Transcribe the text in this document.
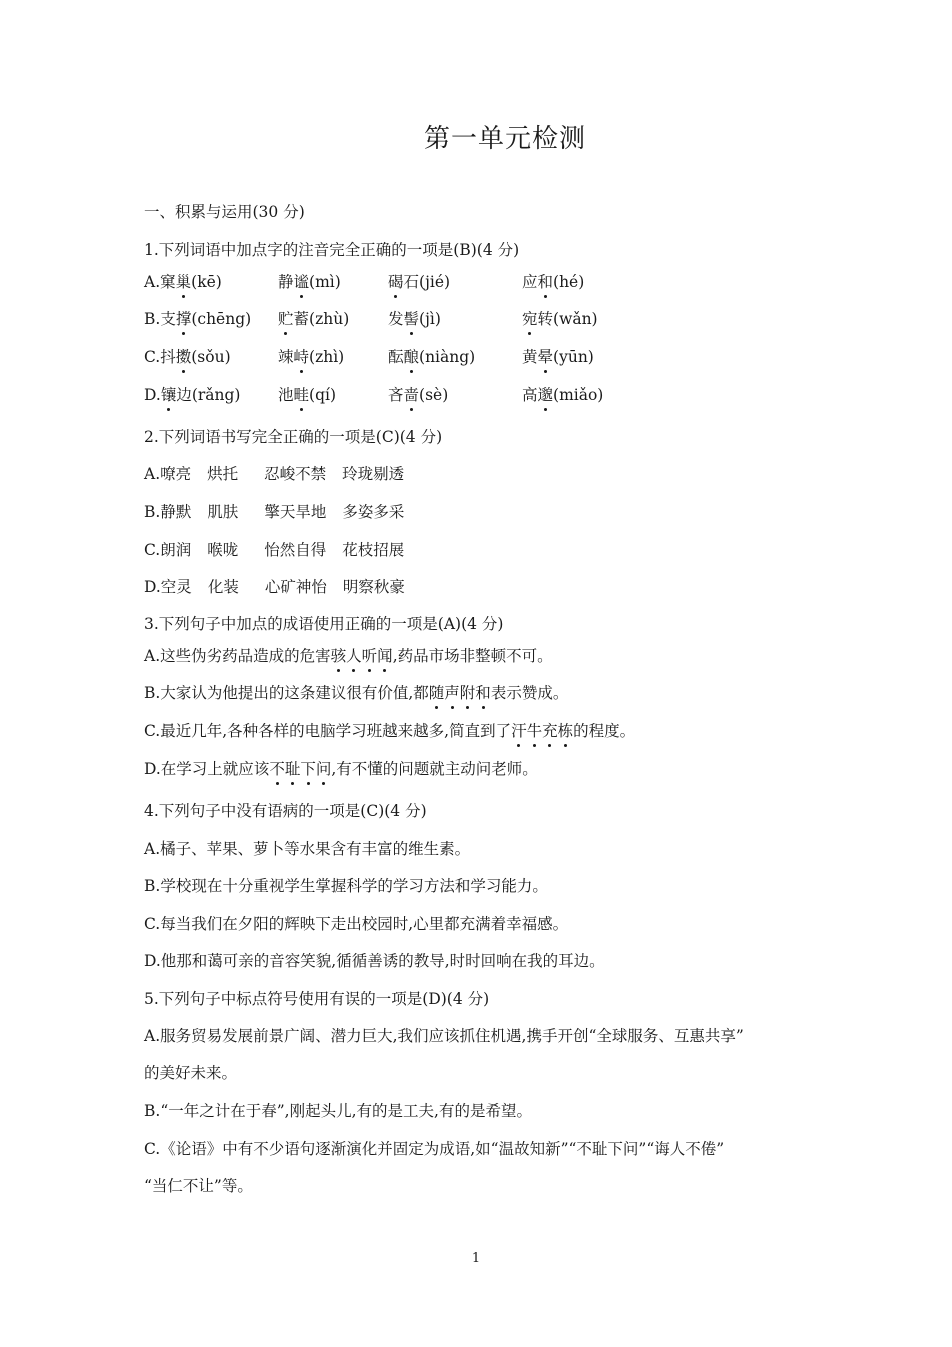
第一单元检测
一、积累与运用(30 分)
1.下列词语中加点字的注音完全正确的一项是(B)(4 分)
A.窠巢(kē)	静谧(mì)	碣石(jié)	应和(hé)
B.支撑(chēng) 贮蓄(zhù)	发髻(jì)	宛转(wǎn)
C.抖擞(sǒu)	竦峙(zhì)	酝酿(niàng)	黄晕(yūn)
D.镶边(rǎng) 池畦(qí)	吝啬(sè)	高邈(miǎo)
2.下列词语书写完全正确的一项是(C)(4 分)
A.嘹亮 烘托 忍峻不禁 玲珑剔透
B.静默 肌肤 擎天旱地 多姿多采
C.朗润 喉咙 怡然自得 花枝招展
D.空灵 化装 心矿神怡 明察秋豪
3.下列句子中加点的成语使用正确的一项是(A)(4 分)
A.这些伪劣药品造成的危害骇人听闻,药品市场非整顿不可。
B.大家认为他提出的这条建议很有价值,都随声附和表示赞成。
C.最近几年,各种各样的电脑学习班越来越多,简直到了汗牛充栋的程度。
D.在学习上就应该不耻下问,有不懂的问题就主动问老师。
4.下列句子中没有语病的一项是(C)(4 分)
A.橘子、苹果、萝卜等水果含有丰富的维生素。
B.学校现在十分重视学生掌握科学的学习方法和学习能力。
C.每当我们在夕阳的辉映下走出校园时,心里都充满着幸福感。
D.他那和蔼可亲的音容笑貌,循循善诱的教导,时时回响在我的耳边。
5.下列句子中标点符号使用有误的一项是(D)(4 分)
A.服务贸易发展前景广阔、潜力巨大,我们应该抓住机遇,携手开创“全球服务、互惠共享”
的美好未来。
B.“一年之计在于春”,刚起头儿,有的是工夫,有的是希望。
C.《论语》中有不少语句逐渐演化并固定为成语,如“温故知新”“不耻下问”“诲人不倦”
“当仁不让”等。
1
